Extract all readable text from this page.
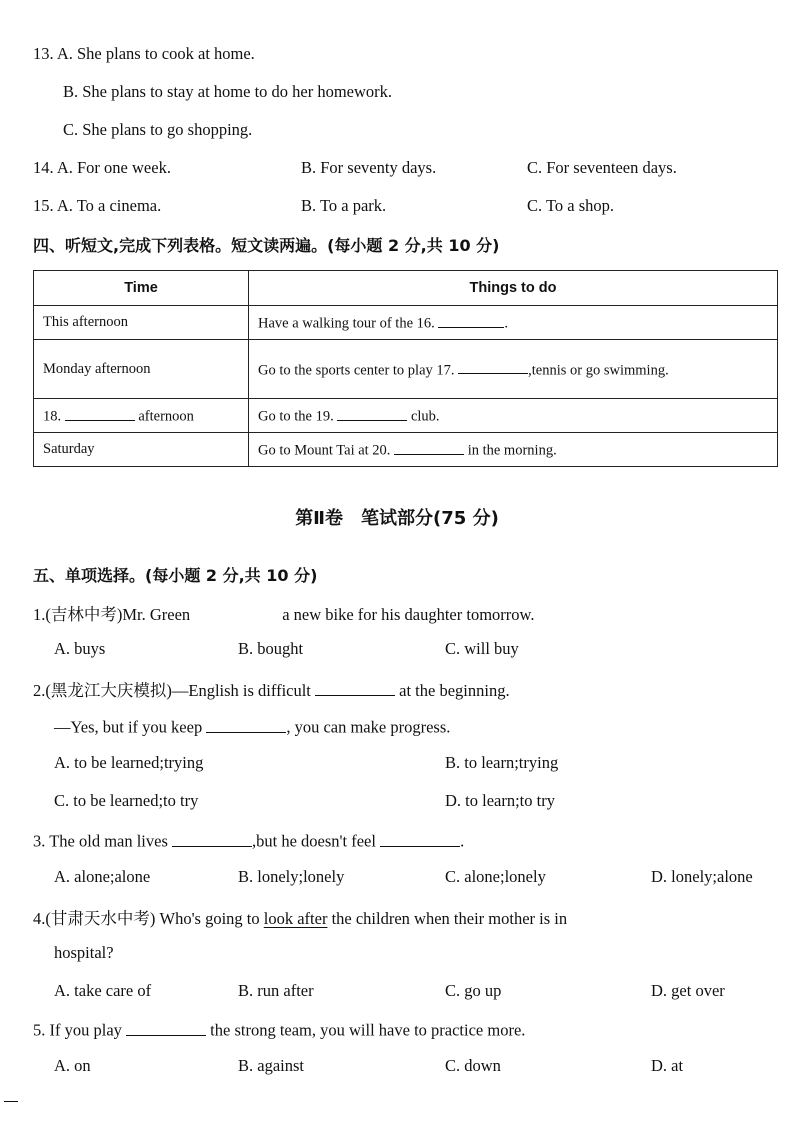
13. A. She plans to cook at home.
B. She plans to stay at home to do her homework.
C. She plans to go shopping.
14. A. For one week.	B. For seventy days.	C. For seventeen days.
15. A. To a cinema.	B. To a park.	C. To a shop.
四、听短文,完成下列表格。短文读两遍。(每小题 2 分,共 10 分)
Time	Things to do
This afternoon	Have a walking tour of the 16. .
Monday afternoon	Go to the sports center to play 17. ,tennis or go swimming.
18. afternoon	Go to the 19. club.
Saturday	Go to Mount Tai at 20. in the morning.
第Ⅱ卷　笔试部分(75 分)
五、单项选择。(每小题 2 分,共 10 分)
1.(吉林中考)Mr. Green	a new bike for his daughter tomorrow.
A. buys	B. bought	C. will buy
2.(黑龙江大庆模拟)—English is difficult	at the beginning.
—Yes, but if you keep	, you can make progress.
A. to be learned;trying	B. to learn;trying
C. to be learned;to try	D. to learn;to try
3. The old man lives	,but he doesn't feel	.
A. alone;alone	B. lonely;lonely	C. alone;lonely	D. lonely;alone
4.(甘肃天水中考) Who's going to look after the children when their mother is in
hospital?
A. take care of	B. run after	C. go up	D. get over
5. If you play	the strong team, you will have to practice more.
A. on	B. against	C. down	D. at
